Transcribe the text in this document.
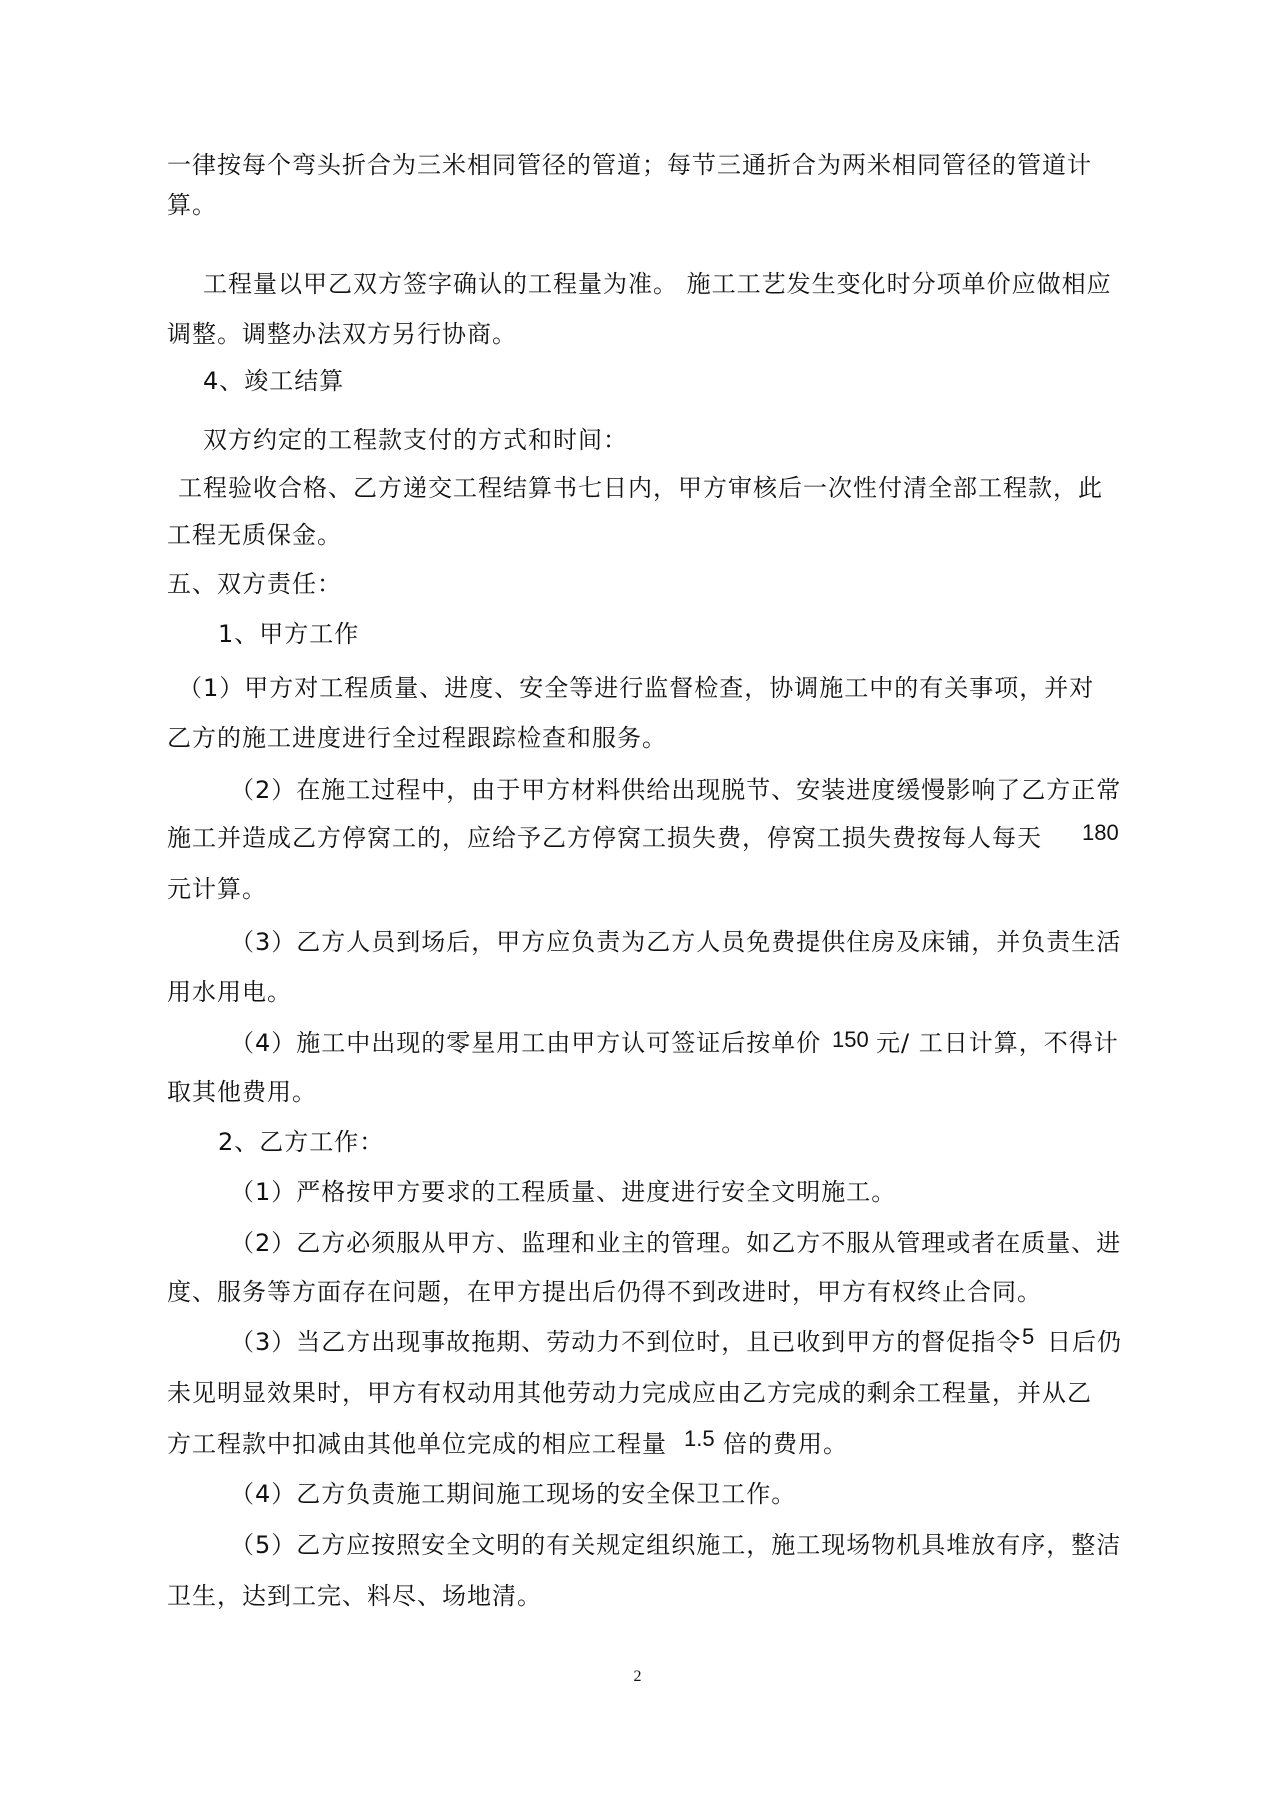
一律按每个弯头折合为三米相同管径的管道；每节三通折合为两米相同管径的管道计
算。
工程量以甲乙双方签字确认的工程量为准。 施工工艺发生变化时分项单价应做相应
调整。调整办法双方另行协商。
4、竣工结算
双方约定的工程款支付的方式和时间：
工程验收合格、乙方递交工程结算书七日内，甲方审核后一次性付清全部工程款，此
工程无质保金。
五、双方责任：
1、甲方工作
（1）甲方对工程质量、进度、安全等进行监督检查，协调施工中的有关事项，并对
乙方的施工进度进行全过程跟踪检查和服务。
（2）在施工过程中，由于甲方材料供给出现脱节、安装进度缓慢影响了乙方正常
施工并造成乙方停窝工的，应给予乙方停窝工损失费，停窝工损失费按每人每天 180
元计算。
（3）乙方人员到场后，甲方应负责为乙方人员免费提供住房及床铺，并负责生活
用水用电。
（4）施工中出现的零星用工由甲方认可签证后按单价 150 元/ 工日计算，不得计
取其他费用。
2、乙方工作：
（1）严格按甲方要求的工程质量、进度进行安全文明施工。
（2）乙方必须服从甲方、监理和业主的管理。如乙方不服从管理或者在质量、进
度、服务等方面存在问题，在甲方提出后仍得不到改进时，甲方有权终止合同。
（3）当乙方出现事故拖期、劳动力不到位时，且已收到甲方的督促指令 5 日后仍
未见明显效果时，甲方有权动用其他劳动力完成应由乙方完成的剩余工程量，并从乙
方工程款中扣减由其他单位完成的相应工程量 1.5 倍的费用。
（4）乙方负责施工期间施工现场的安全保卫工作。
（5）乙方应按照安全文明的有关规定组织施工，施工现场物机具堆放有序，整洁
卫生，达到工完、料尽、场地清。
2
